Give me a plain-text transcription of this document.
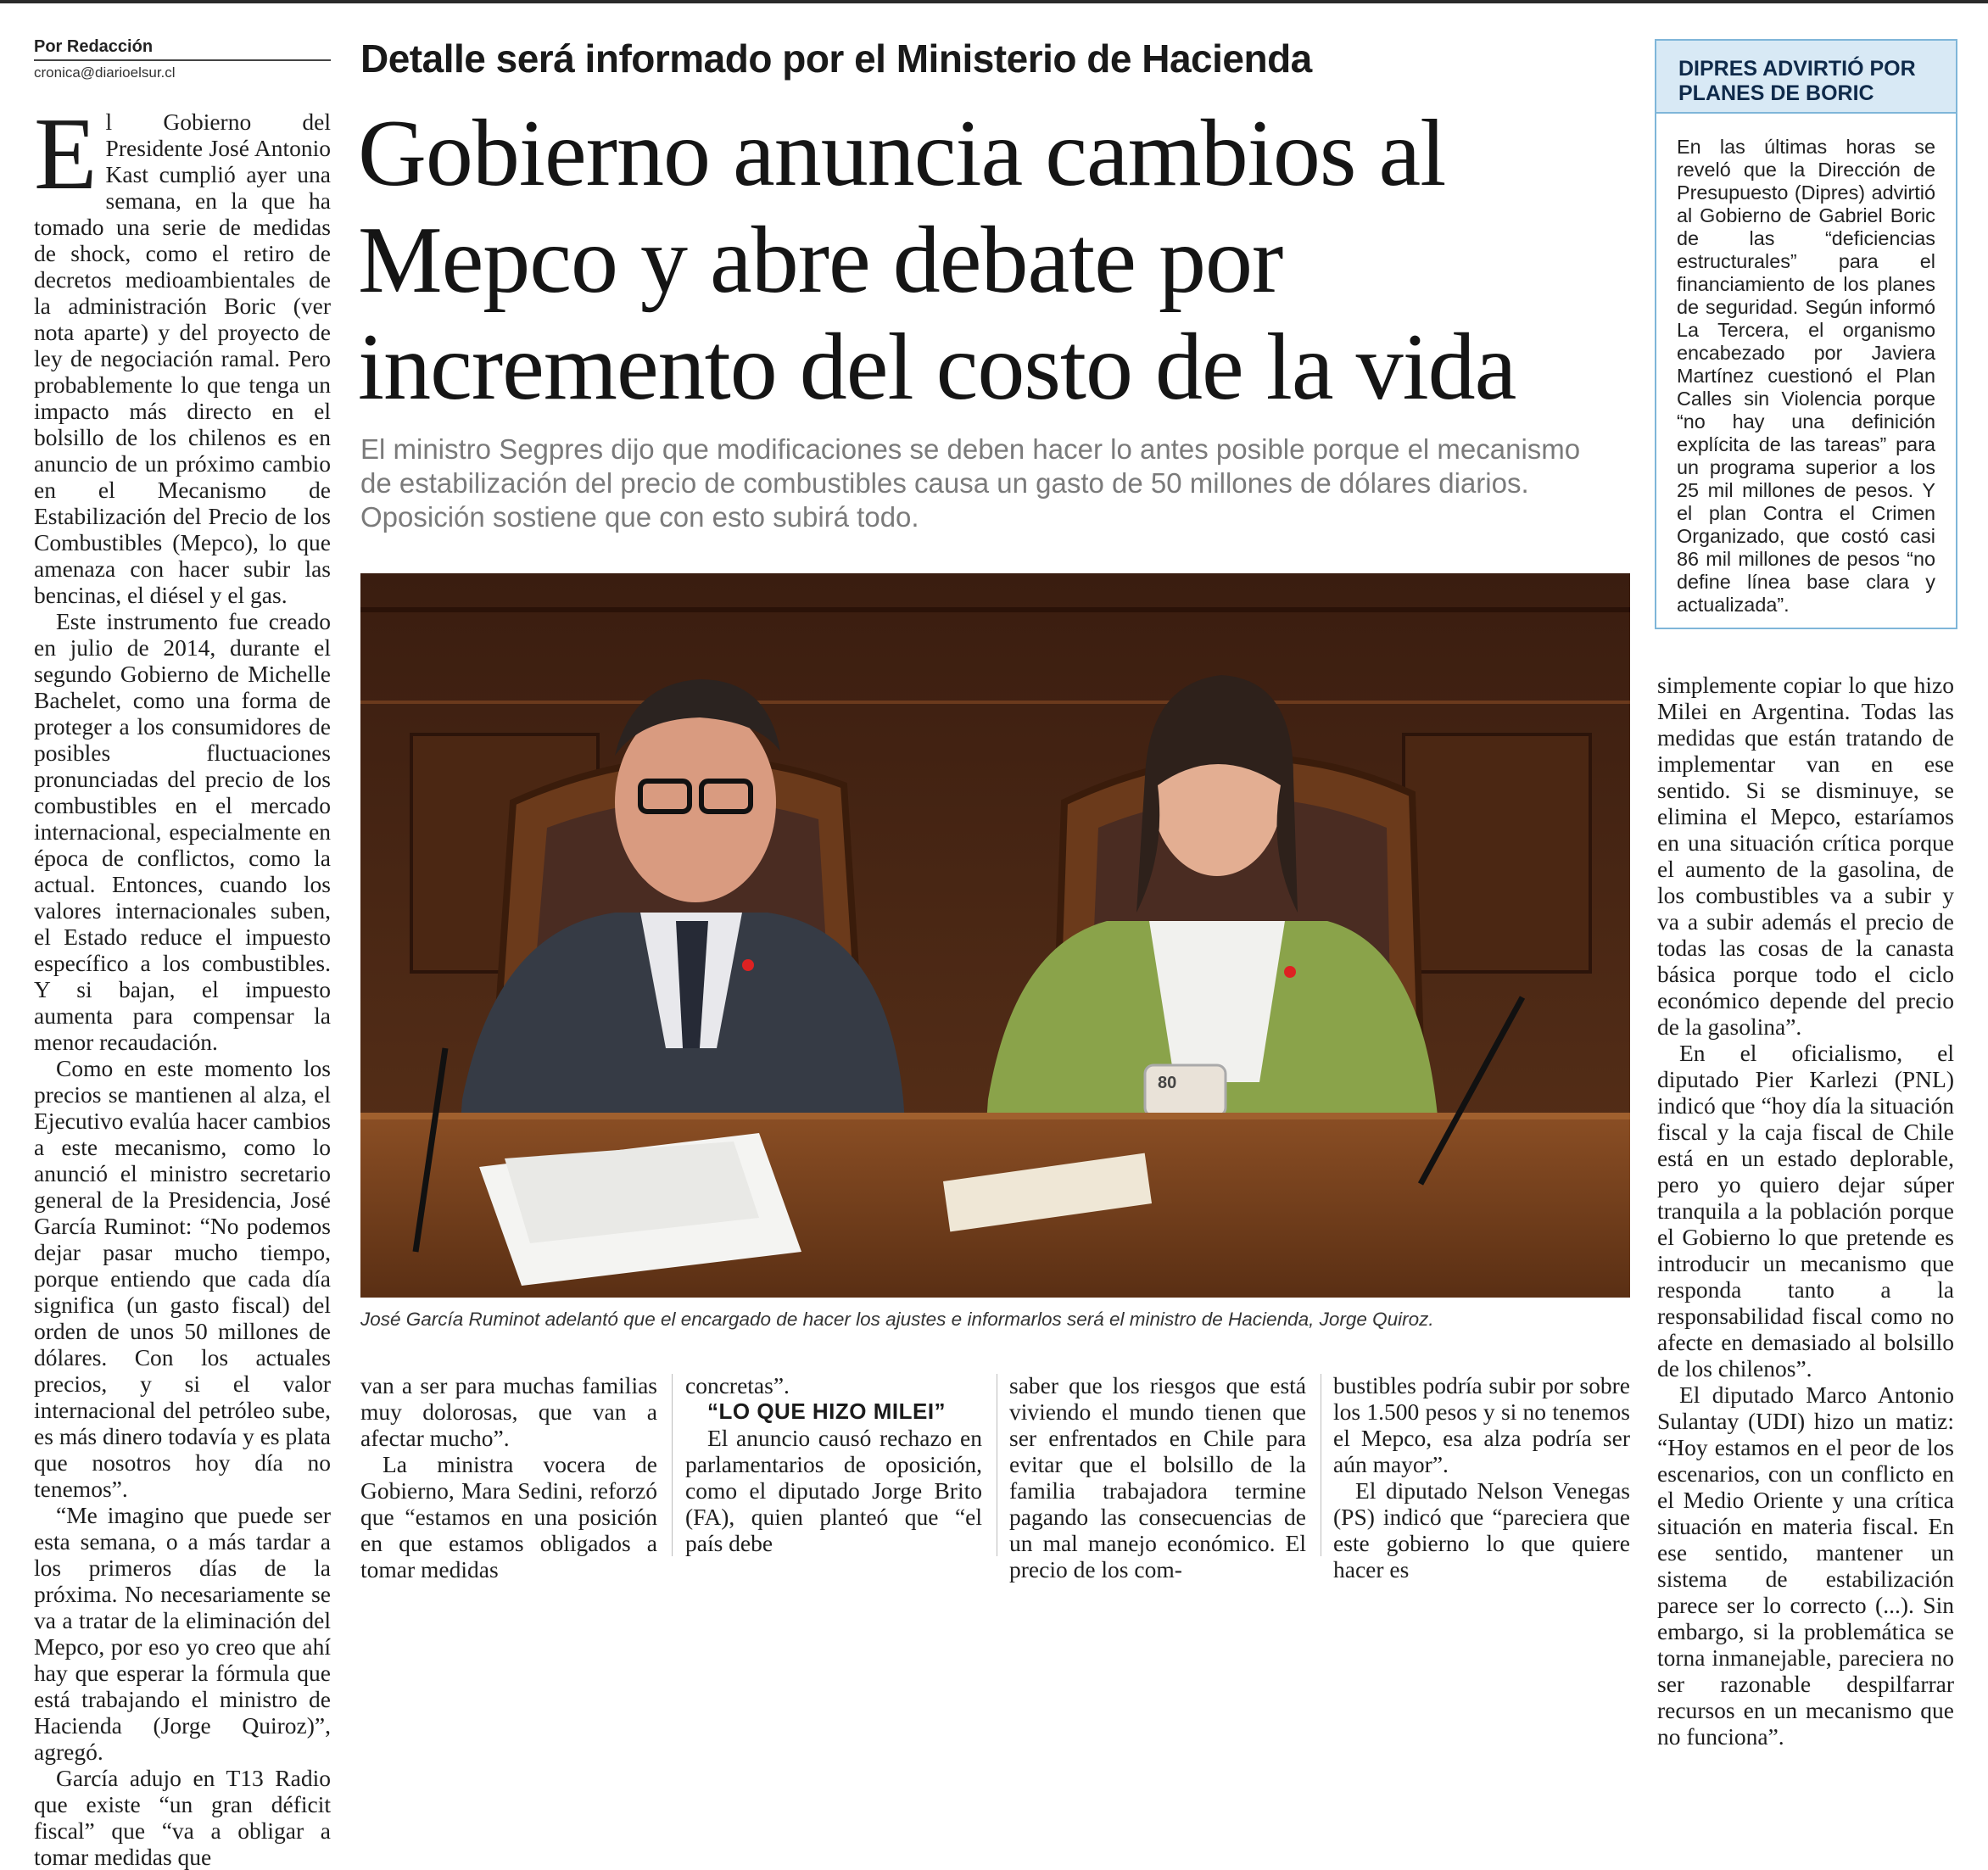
Por Redacción
cronica@diarioelsur.cl	Detalle será informado por el Ministerio de Hacienda
Gobierno anuncia cambios al
Mepco y abre debate por
incremento del costo de la vida
El ministro Segpres dijo que modificaciones se deben hacer lo antes posible porque el mecanismo de estabilización del precio de combustibles causa un gasto de 50 millones de dólares diarios. Oposición sostiene que con esto subirá todo.
DIPRES ADVIRTIÓ POR PLANES DE BORIC
En las últimas horas se reveló que la Dirección de Presupuesto (Dipres) advirtió al Gobierno de Gabriel Boric de las “deficiencias estructurales” para el financiamiento de los planes de seguridad. Según informó La Tercera, el organismo encabezado por Javiera Martínez cuestionó el Plan Calles sin Violencia porque “no hay una definición explícita de las tareas” para un programa superior a los 25 mil millones de pesos. Y el plan Contra el Crimen Organizado, que costó casi 86 mil millones de pesos “no define línea base clara y actualizada”.

El Gobierno del Presidente José Antonio Kast cumplió ayer una semana, en la que ha tomado una serie de medidas de shock, como el retiro de decretos medioambientales de la administración Boric (ver nota aparte) y del proyecto de ley de negociación ramal. Pero probablemente lo que tenga un impacto más directo en el bolsillo de los chilenos es en anuncio de un próximo cambio en el Mecanismo de Estabilización del Precio de los Combustibles (Mepco), lo que amenaza con hacer subir las bencinas, el diésel y el gas.

Este instrumento fue creado en julio de 2014, durante el segundo Gobierno de Michelle Bachelet, como una forma de proteger a los consumidores de posibles fluctuaciones pronunciadas del precio de los combustibles en el mercado internacional, especialmente en época de conflictos, como la actual. Entonces, cuando los valores internacionales suben, el Estado reduce el impuesto específico a los combustibles. Y si bajan, el impuesto aumenta para compensar la menor recaudación.

Como en este momento los precios se mantienen al alza, el Ejecutivo evalúa hacer cambios a este mecanismo, como lo anunció el ministro secretario general de la Presidencia, José García Ruminot: “No podemos dejar pasar mucho tiempo, porque entiendo que cada día significa (un gasto fiscal) del orden de unos 50 millones de dólares. Con los actuales precios, y si el valor internacional del petróleo sube, es más dinero todavía y es plata que nosotros hoy día no tenemos”.

“Me imagino que puede ser esta semana, o a más tardar a los primeros días de la próxima. No necesariamente se va a tratar de la eliminación del Mepco, por eso yo creo que ahí hay que esperar la fórmula que está trabajando el ministro de Hacienda (Jorge Quiroz)”, agregó.

García adujo en T13 Radio que existe “un gran déficit fiscal” que “va a obligar a tomar medidas que

80
José García Ruminot adelantó que el encargado de hacer los ajustes e informarlos será el ministro de Hacienda, Jorge Quiroz.

van a ser para muchas familias muy dolorosas, que van a afectar mucho”.

La ministra vocera de Gobierno, Mara Sedini, reforzó que “estamos en una posición en que estamos obligados a tomar medidas

concretas”.

“LO QUE HIZO MILEI”

El anuncio causó rechazo en parlamentarios de oposición, como el diputado Jorge Brito (FA), quien planteó que “el país debe

saber que los riesgos que está viviendo el mundo tienen que ser enfrentados en Chile para evitar que el bolsillo de la familia trabajadora termine pagando las consecuencias de un mal manejo económico. El precio de los com-

bustibles podría subir por sobre los 1.500 pesos y si no tenemos el Mepco, esa alza podría ser aún mayor”.

El diputado Nelson Venegas (PS) indicó que “pareciera que este gobierno lo que quiere hacer es

simplemente copiar lo que hizo Milei en Argentina. Todas las medidas que están tratando de implementar van en ese sentido. Si se disminuye, se elimina el Mepco, estaríamos en una situación crítica porque el aumento de la gasolina, de los combustibles va a subir y va a subir además el precio de todas las cosas de la canasta básica porque todo el ciclo económico depende del precio de la gasolina”.

En el oficialismo, el diputado Pier Karlezi (PNL) indicó que “hoy día la situación fiscal y la caja fiscal de Chile está en un estado deplorable, pero yo quiero dejar súper tranquila a la población porque el Gobierno lo que pretende es introducir un mecanismo que responda tanto a la responsabilidad fiscal como no afecte en demasiado al bolsillo de los chilenos”.

El diputado Marco Antonio Sulantay (UDI) hizo un matiz: “Hoy estamos en el peor de los escenarios, con un conflicto en el Medio Oriente y una crítica situación en materia fiscal. En ese sentido, mantener un sistema de estabilización parece ser lo correcto (...). Sin embargo, si la problemática se torna inmanejable, pareciera no ser razonable despilfarrar recursos en un mecanismo que no funciona”.
